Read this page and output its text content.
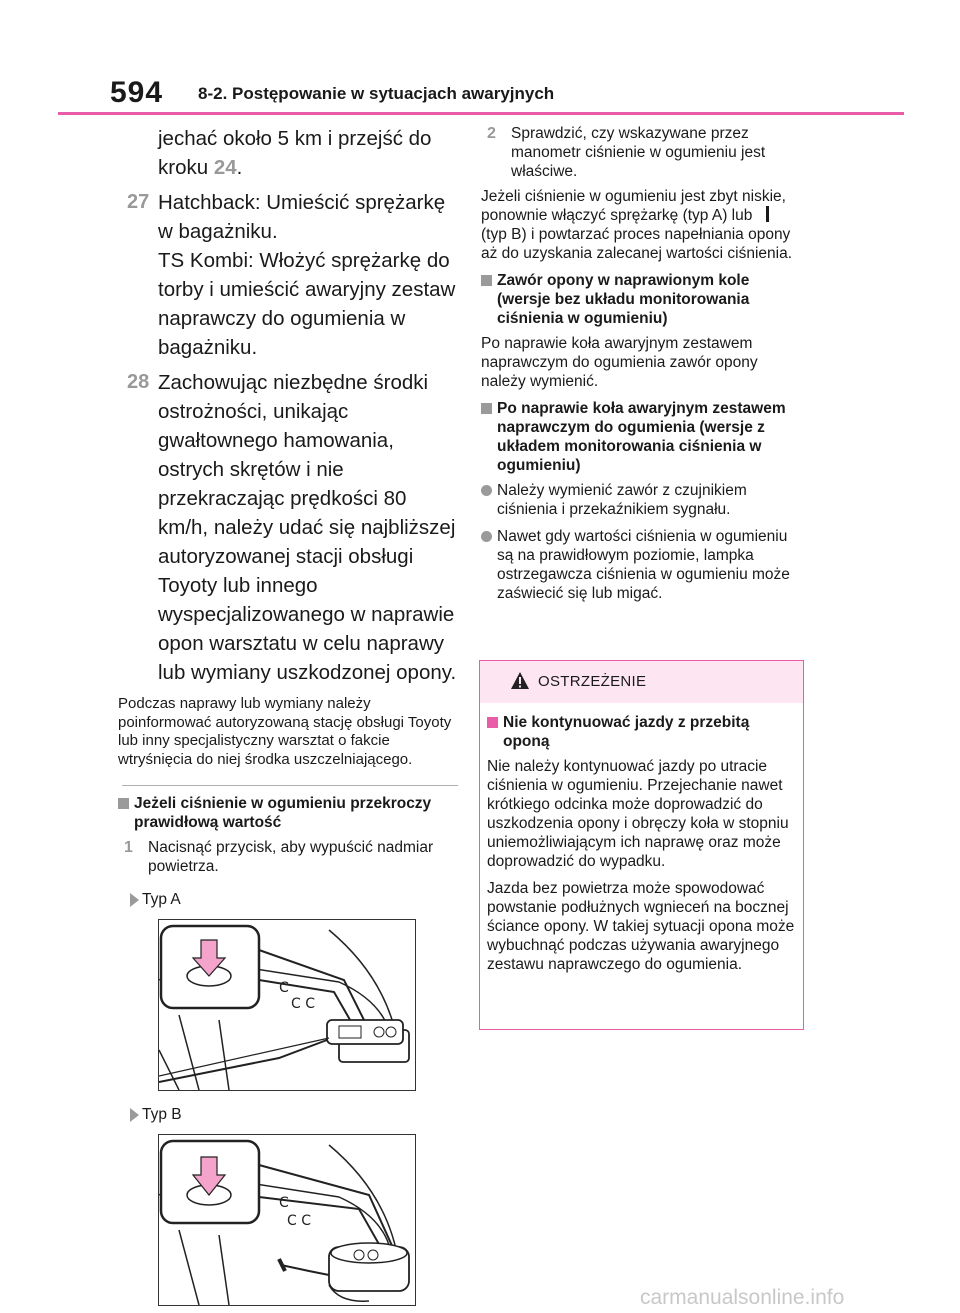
594 8-2. Postępowanie w sytuacjach awaryjnych
jechać około 5 km i przejść do
kroku 24.
27 Hatchback: Umieścić sprężarkę w bagażniku.
TS Kombi: Włożyć sprężarkę do torby i umieścić awaryjny zestaw naprawczy do ogumienia w bagażniku.
28 Zachowując niezbędne środki ostrożności, unikając gwałtownego hamowania, ostrych skrętów i nie przekraczając prędkości 80 km/h, należy udać się najbliższej autoryzowanej stacji obsługi Toyoty lub innego wyspecjalizowanego w naprawie opon warsztatu w celu naprawy lub wymiany uszkodzonej opony.
Podczas naprawy lub wymiany należy poinformować autoryzowaną stację obsługi Toyoty lub inny specjalistyczny warsztat o fakcie wtryśnięcia do niej środka uszczelniającego.
Jeżeli ciśnienie w ogumieniu przekroczy prawidłową wartość
1 Nacisnąć przycisk, aby wypuścić nadmiar powietrza.
Typ A
C
C C
Typ B
C
C C
2 Sprawdzić, czy wskazywane przez manometr ciśnienie w ogumieniu jest właściwe.
Jeżeli ciśnienie w ogumieniu jest zbyt niskie, ponownie włączyć sprężarkę (typ A) lub(typ B) i powtarzać proces napełniania opony aż do uzyskania zalecanej wartości ciśnienia.
Zawór opony w naprawionym kole (wersje bez układu monitorowania ciśnienia w ogumieniu)
Po naprawie koła awaryjnym zestawem naprawczym do ogumienia zawór opony należy wymienić.
Po naprawie koła awaryjnym zestawem naprawczym do ogumienia (wersje z układem monitorowania ciśnienia w ogumieniu)
Należy wymienić zawór z czujnikiem ciśnienia i przekaźnikiem sygnału.
Nawet gdy wartości ciśnienia w ogumieniu są na prawidłowym poziomie, lampka ostrzegawcza ciśnienia w ogumieniu może zaświecić się lub migać.
OSTRZEŻENIE
Nie kontynuować jazdy z przebitą oponą
Nie należy kontynuować jazdy po utracie ciśnienia w ogumieniu. Przejechanie nawet krótkiego odcinka może doprowadzić do uszkodzenia opony i obręczy koła w stopniu uniemożliwiającym ich naprawę oraz może doprowadzić do wypadku.
Jazda bez powietrza może spowodować powstanie podłużnych wgnieceń na bocznej ściance opony. W takiej sytuacji opona może wybuchnąć podczas używania awaryjnego zestawu naprawczego do ogumienia.
carmanualsonline.info
